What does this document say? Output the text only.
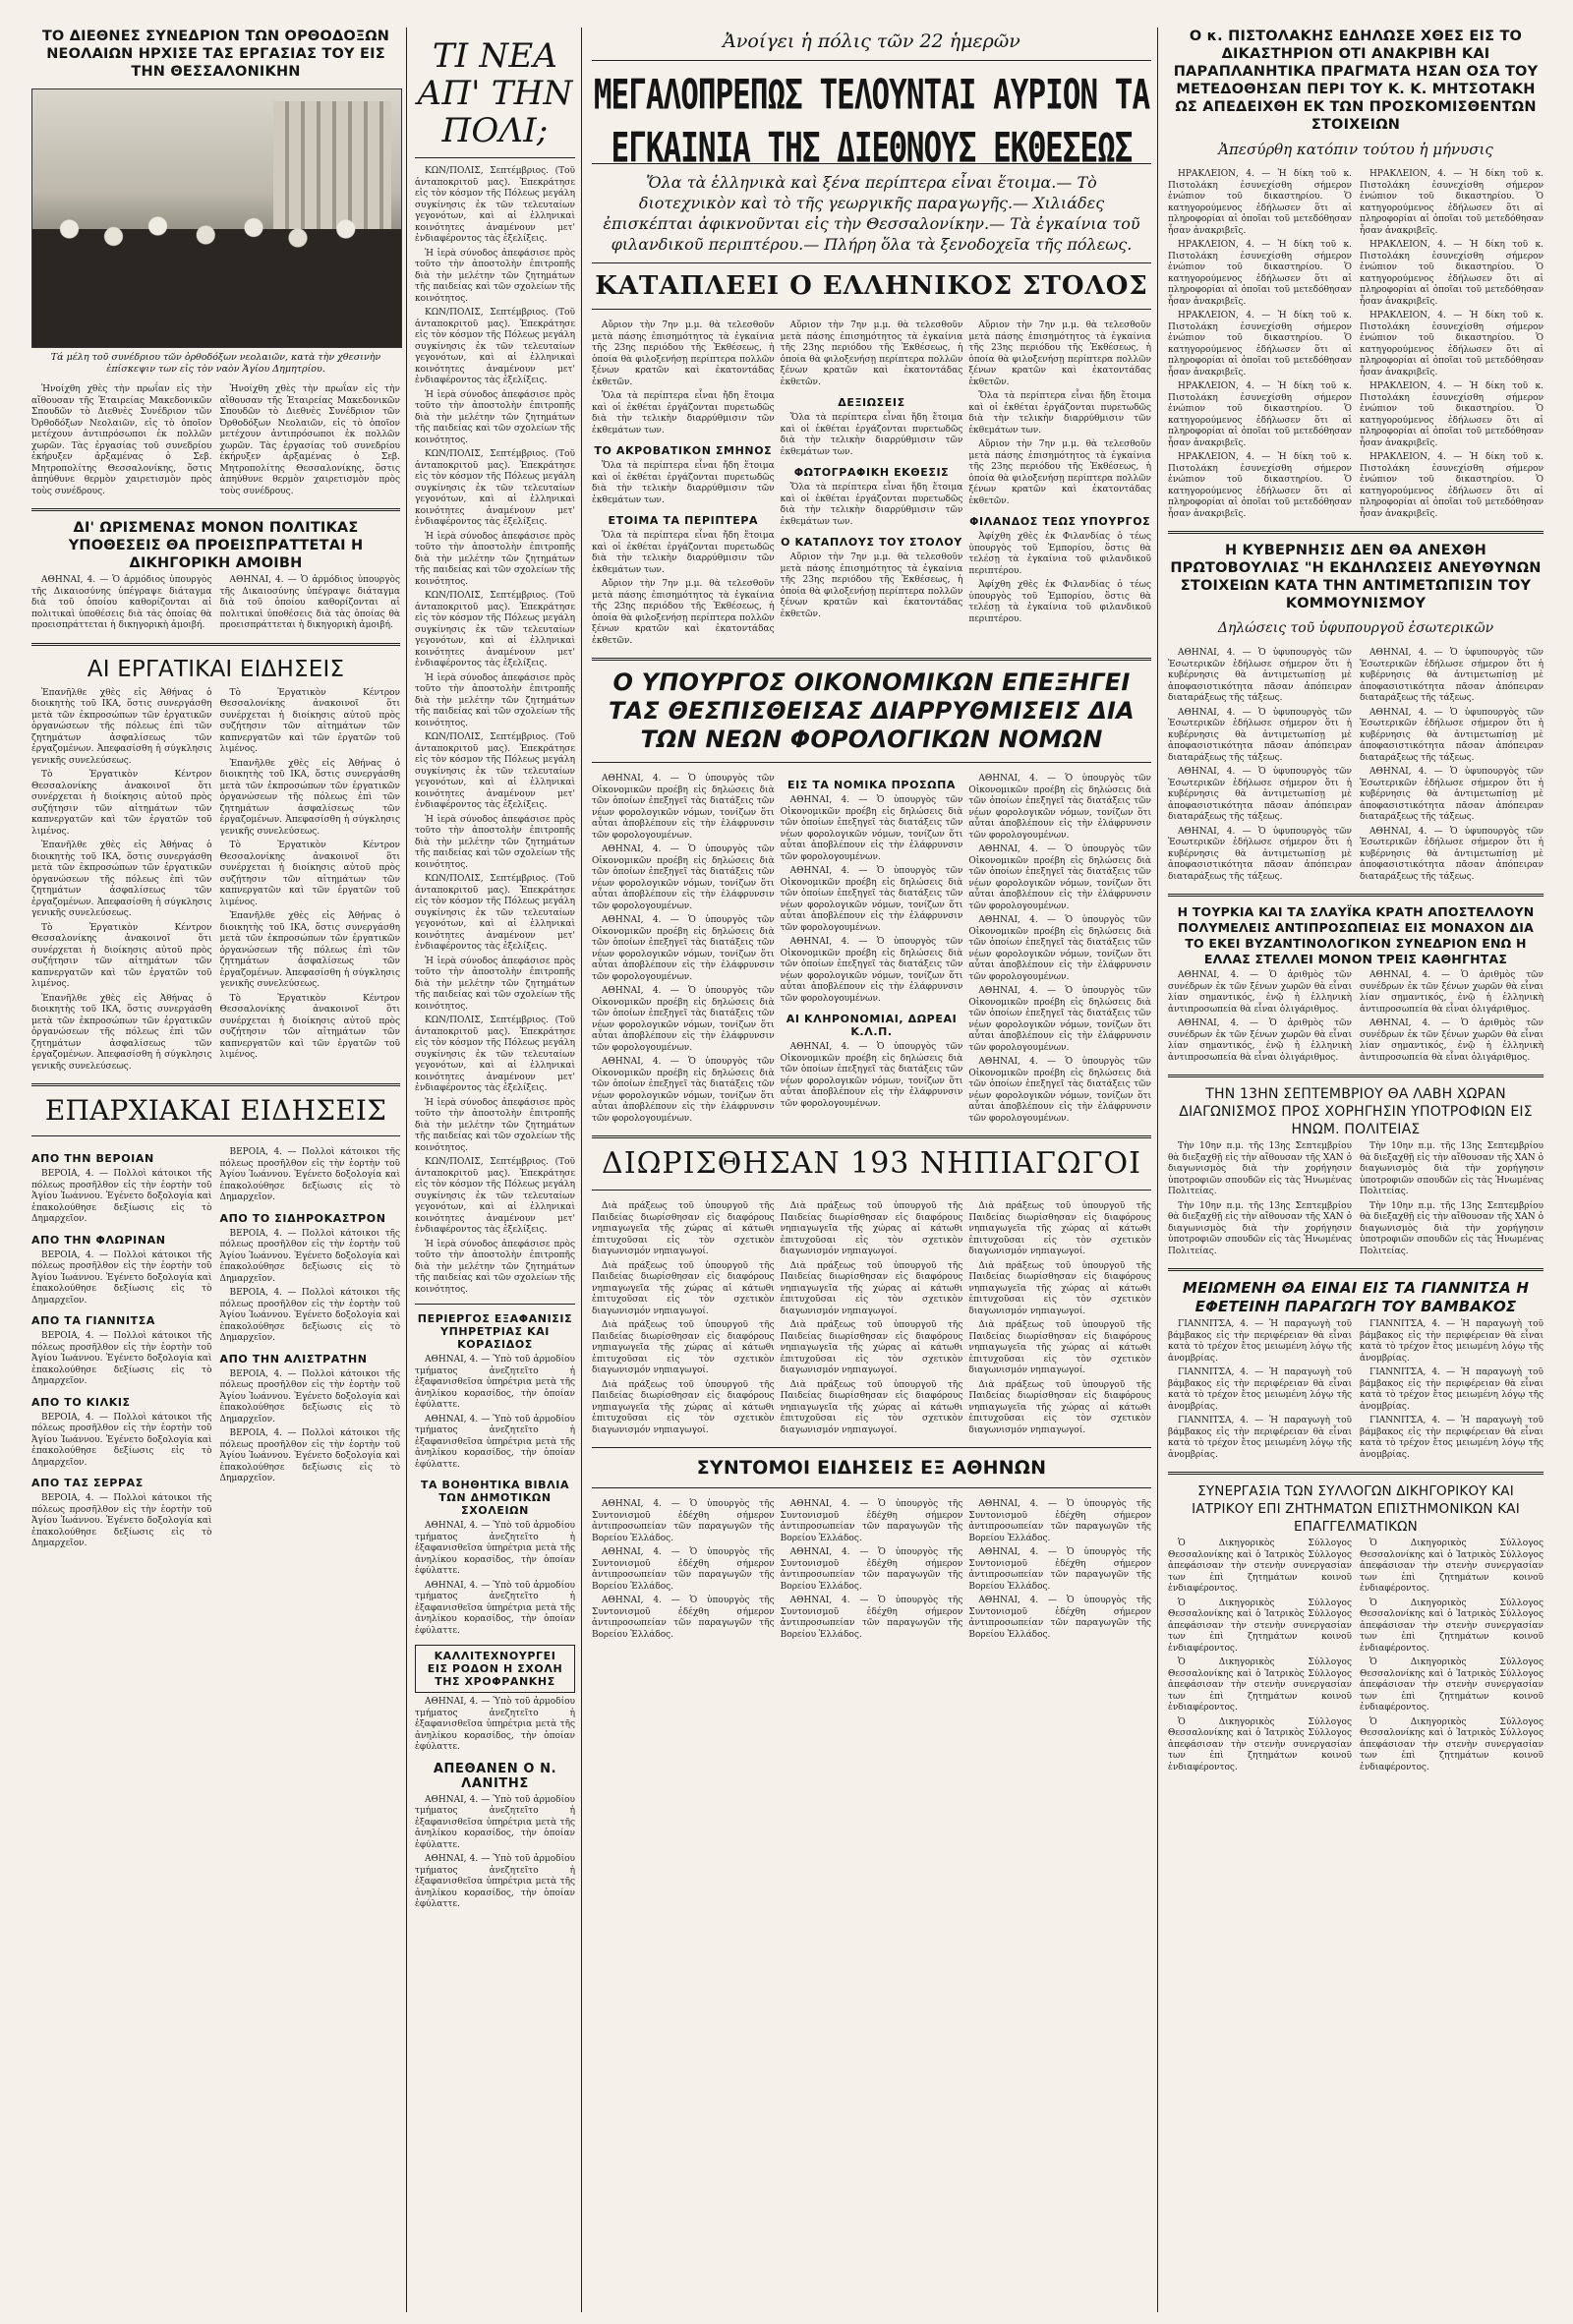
ΤΟ ΔΙΕΘΝΕΣ ΣΥΝΕΔΡΙΟΝ ΤΩΝ ΟΡΘΟΔΟΞΩΝ ΝΕΟΛΑΙΩΝ ΗΡΧΙΣΕ ΤΑΣ ΕΡΓΑΣΙΑΣ ΤΟΥ ΕΙΣ ΤΗΝ ΘΕΣΣΑΛΟΝΙΚΗΝ

Τά μέλη τοῦ συνέδριου τῶν ὀρθοδόξων νεολαιῶν, κατὰ τὴν χθεσινὴν ἐπίσκεψιν των εἰς τὸν ναὸν Ἁγίου Δημητρίου.

Ἠνοίχθη χθὲς τὴν πρωΐαν εἰς τὴν αἴθουσαν τῆς Ἑταιρείας Μακεδονικῶν Σπουδῶν τὸ Διεθνὲς Συνέδριον τῶν Ὀρθοδόξων Νεολαιῶν, εἰς τὸ ὁποῖον μετέχουν ἀντιπρόσωποι ἐκ πολλῶν χωρῶν. Τὰς ἐργασίας τοῦ συνεδρίου ἐκήρυξεν ἀρξαμένας ὁ Σεβ. Μητροπολίτης Θεσσαλονίκης, ὅστις ἀπηύθυνε θερμὸν χαιρετισμὸν πρὸς τοὺς συνέδρους.

Ἠνοίχθη χθὲς τὴν πρωΐαν εἰς τὴν αἴθουσαν τῆς Ἑταιρείας Μακεδονικῶν Σπουδῶν τὸ Διεθνὲς Συνέδριον τῶν Ὀρθοδόξων Νεολαιῶν, εἰς τὸ ὁποῖον μετέχουν ἀντιπρόσωποι ἐκ πολλῶν χωρῶν. Τὰς ἐργασίας τοῦ συνεδρίου ἐκήρυξεν ἀρξαμένας ὁ Σεβ. Μητροπολίτης Θεσσαλονίκης, ὅστις ἀπηύθυνε θερμὸν χαιρετισμὸν πρὸς τοὺς συνέδρους.

ΔΙ' ΩΡΙΣΜΕΝΑΣ ΜΟΝΟΝ ΠΟΛΙΤΙΚΑΣ ΥΠΟΘΕΣΕΙΣ ΘΑ ΠΡΟΕΙΣΠΡΑΤΤΕΤΑΙ Η ΔΙΚΗΓΟΡΙΚΗ ΑΜΟΙΒΗ

ΑΘΗΝΑΙ, 4. — Ὁ ἁρμόδιος ὑπουργὸς τῆς Δικαιοσύνης ὑπέγραψε διάταγμα διὰ τοῦ ὁποίου καθορίζονται αἱ πολιτικαὶ ὑποθέσεις διὰ τὰς ὁποίας θὰ προεισπράττεται ἡ δικηγορικὴ ἀμοιβή.

ΑΘΗΝΑΙ, 4. — Ὁ ἁρμόδιος ὑπουργὸς τῆς Δικαιοσύνης ὑπέγραψε διάταγμα διὰ τοῦ ὁποίου καθορίζονται αἱ πολιτικαὶ ὑποθέσεις διὰ τὰς ὁποίας θὰ προεισπράττεται ἡ δικηγορικὴ ἀμοιβή.

ΑΙ ΕΡΓΑΤΙΚΑΙ ΕΙΔΗΣΕΙΣ

Ἐπανῆλθε χθὲς εἰς Ἀθήνας ὁ διοικητὴς τοῦ ΙΚΑ, ὅστις συνεργάσθη μετὰ τῶν ἐκπροσώπων τῶν ἐργατικῶν ὀργανώσεων τῆς πόλεως ἐπὶ τῶν ζητημάτων ἀσφαλίσεως τῶν ἐργαζομένων. Ἀπεφασίσθη ἡ σύγκλησις γενικῆς συνελεύσεως.

Τὸ Ἐργατικὸν Κέντρον Θεσσαλονίκης ἀνακοινοῖ ὅτι συνέρχεται ἡ διοίκησις αὐτοῦ πρὸς συζήτησιν τῶν αἰτημάτων τῶν καπνεργατῶν καὶ τῶν ἐργατῶν τοῦ λιμένος.

Ἐπανῆλθε χθὲς εἰς Ἀθήνας ὁ διοικητὴς τοῦ ΙΚΑ, ὅστις συνεργάσθη μετὰ τῶν ἐκπροσώπων τῶν ἐργατικῶν ὀργανώσεων τῆς πόλεως ἐπὶ τῶν ζητημάτων ἀσφαλίσεως τῶν ἐργαζομένων. Ἀπεφασίσθη ἡ σύγκλησις γενικῆς συνελεύσεως.

Τὸ Ἐργατικὸν Κέντρον Θεσσαλονίκης ἀνακοινοῖ ὅτι συνέρχεται ἡ διοίκησις αὐτοῦ πρὸς συζήτησιν τῶν αἰτημάτων τῶν καπνεργατῶν καὶ τῶν ἐργατῶν τοῦ λιμένος.

Ἐπανῆλθε χθὲς εἰς Ἀθήνας ὁ διοικητὴς τοῦ ΙΚΑ, ὅστις συνεργάσθη μετὰ τῶν ἐκπροσώπων τῶν ἐργατικῶν ὀργανώσεων τῆς πόλεως ἐπὶ τῶν ζητημάτων ἀσφαλίσεως τῶν ἐργαζομένων. Ἀπεφασίσθη ἡ σύγκλησις γενικῆς συνελεύσεως.

Τὸ Ἐργατικὸν Κέντρον Θεσσαλονίκης ἀνακοινοῖ ὅτι συνέρχεται ἡ διοίκησις αὐτοῦ πρὸς συζήτησιν τῶν αἰτημάτων τῶν καπνεργατῶν καὶ τῶν ἐργατῶν τοῦ λιμένος.

Ἐπανῆλθε χθὲς εἰς Ἀθήνας ὁ διοικητὴς τοῦ ΙΚΑ, ὅστις συνεργάσθη μετὰ τῶν ἐκπροσώπων τῶν ἐργατικῶν ὀργανώσεων τῆς πόλεως ἐπὶ τῶν ζητημάτων ἀσφαλίσεως τῶν ἐργαζομένων. Ἀπεφασίσθη ἡ σύγκλησις γενικῆς συνελεύσεως.

Τὸ Ἐργατικὸν Κέντρον Θεσσαλονίκης ἀνακοινοῖ ὅτι συνέρχεται ἡ διοίκησις αὐτοῦ πρὸς συζήτησιν τῶν αἰτημάτων τῶν καπνεργατῶν καὶ τῶν ἐργατῶν τοῦ λιμένος.

Ἐπανῆλθε χθὲς εἰς Ἀθήνας ὁ διοικητὴς τοῦ ΙΚΑ, ὅστις συνεργάσθη μετὰ τῶν ἐκπροσώπων τῶν ἐργατικῶν ὀργανώσεων τῆς πόλεως ἐπὶ τῶν ζητημάτων ἀσφαλίσεως τῶν ἐργαζομένων. Ἀπεφασίσθη ἡ σύγκλησις γενικῆς συνελεύσεως.

Τὸ Ἐργατικὸν Κέντρον Θεσσαλονίκης ἀνακοινοῖ ὅτι συνέρχεται ἡ διοίκησις αὐτοῦ πρὸς συζήτησιν τῶν αἰτημάτων τῶν καπνεργατῶν καὶ τῶν ἐργατῶν τοῦ λιμένος.

ΕΠΑΡΧΙΑΚΑΙ ΕΙΔΗΣΕΙΣ
ΑΠΟ ΤΗΝ ΒΕΡΟΙΑΝ

ΒΕΡΟΙΑ, 4. — Πολλοὶ κάτοικοι τῆς πόλεως προσῆλθον εἰς τὴν ἑορτὴν τοῦ Ἁγίου Ἰωάννου. Ἐγένετο δοξολογία καὶ ἐπακολούθησε δεξίωσις εἰς τὸ Δημαρχεῖον.

ΑΠΟ ΤΗΝ ΦΛΩΡΙΝΑΝ

ΒΕΡΟΙΑ, 4. — Πολλοὶ κάτοικοι τῆς πόλεως προσῆλθον εἰς τὴν ἑορτὴν τοῦ Ἁγίου Ἰωάννου. Ἐγένετο δοξολογία καὶ ἐπακολούθησε δεξίωσις εἰς τὸ Δημαρχεῖον.

ΑΠΟ ΤΑ ΓΙΑΝΝΙΤΣΑ

ΒΕΡΟΙΑ, 4. — Πολλοὶ κάτοικοι τῆς πόλεως προσῆλθον εἰς τὴν ἑορτὴν τοῦ Ἁγίου Ἰωάννου. Ἐγένετο δοξολογία καὶ ἐπακολούθησε δεξίωσις εἰς τὸ Δημαρχεῖον.

ΑΠΟ ΤΟ ΚΙΛΚΙΣ

ΒΕΡΟΙΑ, 4. — Πολλοὶ κάτοικοι τῆς πόλεως προσῆλθον εἰς τὴν ἑορτὴν τοῦ Ἁγίου Ἰωάννου. Ἐγένετο δοξολογία καὶ ἐπακολούθησε δεξίωσις εἰς τὸ Δημαρχεῖον.

ΑΠΟ ΤΑΣ ΣΕΡΡΑΣ

ΒΕΡΟΙΑ, 4. — Πολλοὶ κάτοικοι τῆς πόλεως προσῆλθον εἰς τὴν ἑορτὴν τοῦ Ἁγίου Ἰωάννου. Ἐγένετο δοξολογία καὶ ἐπακολούθησε δεξίωσις εἰς τὸ Δημαρχεῖον.

ΒΕΡΟΙΑ, 4. — Πολλοὶ κάτοικοι τῆς πόλεως προσῆλθον εἰς τὴν ἑορτὴν τοῦ Ἁγίου Ἰωάννου. Ἐγένετο δοξολογία καὶ ἐπακολούθησε δεξίωσις εἰς τὸ Δημαρχεῖον.

ΑΠΟ ΤΟ ΣΙΔΗΡΟΚΑΣΤΡΟΝ

ΒΕΡΟΙΑ, 4. — Πολλοὶ κάτοικοι τῆς πόλεως προσῆλθον εἰς τὴν ἑορτὴν τοῦ Ἁγίου Ἰωάννου. Ἐγένετο δοξολογία καὶ ἐπακολούθησε δεξίωσις εἰς τὸ Δημαρχεῖον.

ΒΕΡΟΙΑ, 4. — Πολλοὶ κάτοικοι τῆς πόλεως προσῆλθον εἰς τὴν ἑορτὴν τοῦ Ἁγίου Ἰωάννου. Ἐγένετο δοξολογία καὶ ἐπακολούθησε δεξίωσις εἰς τὸ Δημαρχεῖον.

ΑΠΟ ΤΗΝ ΑΛΙΣΤΡΑΤΗΝ

ΒΕΡΟΙΑ, 4. — Πολλοὶ κάτοικοι τῆς πόλεως προσῆλθον εἰς τὴν ἑορτὴν τοῦ Ἁγίου Ἰωάννου. Ἐγένετο δοξολογία καὶ ἐπακολούθησε δεξίωσις εἰς τὸ Δημαρχεῖον.

ΒΕΡΟΙΑ, 4. — Πολλοὶ κάτοικοι τῆς πόλεως προσῆλθον εἰς τὴν ἑορτὴν τοῦ Ἁγίου Ἰωάννου. Ἐγένετο δοξολογία καὶ ἐπακολούθησε δεξίωσις εἰς τὸ Δημαρχεῖον.

ΤΙ ΝΕΑ ΑΠ' ΤΗΝ ΠΟΛΙ;

ΚΩΝ/ΠΟΛΙΣ, Σεπτέμβριος. (Τοῦ ἀνταποκριτοῦ μας). Ἐπεκράτησε εἰς τὸν κόσμον τῆς Πόλεως μεγάλη συγκίνησις ἐκ τῶν τελευταίων γεγονότων, καὶ αἱ ἑλληνικαὶ κοινότητες ἀναμένουν μετ' ἐνδιαφέροντος τὰς ἐξελίξεις.

Ἡ ἱερὰ σύνοδος ἀπεφάσισε πρὸς τοῦτο τὴν ἀποστολὴν ἐπιτροπῆς διὰ τὴν μελέτην τῶν ζητημάτων τῆς παιδείας καὶ τῶν σχολείων τῆς κοινότητος.

ΚΩΝ/ΠΟΛΙΣ, Σεπτέμβριος. (Τοῦ ἀνταποκριτοῦ μας). Ἐπεκράτησε εἰς τὸν κόσμον τῆς Πόλεως μεγάλη συγκίνησις ἐκ τῶν τελευταίων γεγονότων, καὶ αἱ ἑλληνικαὶ κοινότητες ἀναμένουν μετ' ἐνδιαφέροντος τὰς ἐξελίξεις.

Ἡ ἱερὰ σύνοδος ἀπεφάσισε πρὸς τοῦτο τὴν ἀποστολὴν ἐπιτροπῆς διὰ τὴν μελέτην τῶν ζητημάτων τῆς παιδείας καὶ τῶν σχολείων τῆς κοινότητος.

ΚΩΝ/ΠΟΛΙΣ, Σεπτέμβριος. (Τοῦ ἀνταποκριτοῦ μας). Ἐπεκράτησε εἰς τὸν κόσμον τῆς Πόλεως μεγάλη συγκίνησις ἐκ τῶν τελευταίων γεγονότων, καὶ αἱ ἑλληνικαὶ κοινότητες ἀναμένουν μετ' ἐνδιαφέροντος τὰς ἐξελίξεις.

Ἡ ἱερὰ σύνοδος ἀπεφάσισε πρὸς τοῦτο τὴν ἀποστολὴν ἐπιτροπῆς διὰ τὴν μελέτην τῶν ζητημάτων τῆς παιδείας καὶ τῶν σχολείων τῆς κοινότητος.

ΚΩΝ/ΠΟΛΙΣ, Σεπτέμβριος. (Τοῦ ἀνταποκριτοῦ μας). Ἐπεκράτησε εἰς τὸν κόσμον τῆς Πόλεως μεγάλη συγκίνησις ἐκ τῶν τελευταίων γεγονότων, καὶ αἱ ἑλληνικαὶ κοινότητες ἀναμένουν μετ' ἐνδιαφέροντος τὰς ἐξελίξεις.

Ἡ ἱερὰ σύνοδος ἀπεφάσισε πρὸς τοῦτο τὴν ἀποστολὴν ἐπιτροπῆς διὰ τὴν μελέτην τῶν ζητημάτων τῆς παιδείας καὶ τῶν σχολείων τῆς κοινότητος.

ΚΩΝ/ΠΟΛΙΣ, Σεπτέμβριος. (Τοῦ ἀνταποκριτοῦ μας). Ἐπεκράτησε εἰς τὸν κόσμον τῆς Πόλεως μεγάλη συγκίνησις ἐκ τῶν τελευταίων γεγονότων, καὶ αἱ ἑλληνικαὶ κοινότητες ἀναμένουν μετ' ἐνδιαφέροντος τὰς ἐξελίξεις.

Ἡ ἱερὰ σύνοδος ἀπεφάσισε πρὸς τοῦτο τὴν ἀποστολὴν ἐπιτροπῆς διὰ τὴν μελέτην τῶν ζητημάτων τῆς παιδείας καὶ τῶν σχολείων τῆς κοινότητος.

ΚΩΝ/ΠΟΛΙΣ, Σεπτέμβριος. (Τοῦ ἀνταποκριτοῦ μας). Ἐπεκράτησε εἰς τὸν κόσμον τῆς Πόλεως μεγάλη συγκίνησις ἐκ τῶν τελευταίων γεγονότων, καὶ αἱ ἑλληνικαὶ κοινότητες ἀναμένουν μετ' ἐνδιαφέροντος τὰς ἐξελίξεις.

Ἡ ἱερὰ σύνοδος ἀπεφάσισε πρὸς τοῦτο τὴν ἀποστολὴν ἐπιτροπῆς διὰ τὴν μελέτην τῶν ζητημάτων τῆς παιδείας καὶ τῶν σχολείων τῆς κοινότητος.

ΚΩΝ/ΠΟΛΙΣ, Σεπτέμβριος. (Τοῦ ἀνταποκριτοῦ μας). Ἐπεκράτησε εἰς τὸν κόσμον τῆς Πόλεως μεγάλη συγκίνησις ἐκ τῶν τελευταίων γεγονότων, καὶ αἱ ἑλληνικαὶ κοινότητες ἀναμένουν μετ' ἐνδιαφέροντος τὰς ἐξελίξεις.

Ἡ ἱερὰ σύνοδος ἀπεφάσισε πρὸς τοῦτο τὴν ἀποστολὴν ἐπιτροπῆς διὰ τὴν μελέτην τῶν ζητημάτων τῆς παιδείας καὶ τῶν σχολείων τῆς κοινότητος.

ΚΩΝ/ΠΟΛΙΣ, Σεπτέμβριος. (Τοῦ ἀνταποκριτοῦ μας). Ἐπεκράτησε εἰς τὸν κόσμον τῆς Πόλεως μεγάλη συγκίνησις ἐκ τῶν τελευταίων γεγονότων, καὶ αἱ ἑλληνικαὶ κοινότητες ἀναμένουν μετ' ἐνδιαφέροντος τὰς ἐξελίξεις.

Ἡ ἱερὰ σύνοδος ἀπεφάσισε πρὸς τοῦτο τὴν ἀποστολὴν ἐπιτροπῆς διὰ τὴν μελέτην τῶν ζητημάτων τῆς παιδείας καὶ τῶν σχολείων τῆς κοινότητος.

ΠΕΡΙΕΡΓΟΣ ΕΞΑΦΑΝΙΣΙΣ ΥΠΗΡΕΤΡΙΑΣ ΚΑΙ ΚΟΡΑΣΙΔΟΣ

ΑΘΗΝΑΙ, 4. — Ὑπὸ τοῦ ἀρμοδίου τμήματος ἀνεζητεῖτο ἡ ἐξαφανισθεῖσα ὑπηρέτρια μετὰ τῆς ἀνηλίκου κορασίδος, τὴν ὁποίαν ἐφύλαττε.

ΑΘΗΝΑΙ, 4. — Ὑπὸ τοῦ ἀρμοδίου τμήματος ἀνεζητεῖτο ἡ ἐξαφανισθεῖσα ὑπηρέτρια μετὰ τῆς ἀνηλίκου κορασίδος, τὴν ὁποίαν ἐφύλαττε.

ΤΑ ΒΟΗΘΗΤΙΚΑ ΒΙΒΛΙΑ ΤΩΝ ΔΗΜΟΤΙΚΩΝ ΣΧΟΛΕΙΩΝ

ΑΘΗΝΑΙ, 4. — Ὑπὸ τοῦ ἀρμοδίου τμήματος ἀνεζητεῖτο ἡ ἐξαφανισθεῖσα ὑπηρέτρια μετὰ τῆς ἀνηλίκου κορασίδος, τὴν ὁποίαν ἐφύλαττε.

ΑΘΗΝΑΙ, 4. — Ὑπὸ τοῦ ἀρμοδίου τμήματος ἀνεζητεῖτο ἡ ἐξαφανισθεῖσα ὑπηρέτρια μετὰ τῆς ἀνηλίκου κορασίδος, τὴν ὁποίαν ἐφύλαττε.

ΚΑΛΛΙΤΕΧΝΟΥΡΓΕΙ ΕΙΣ ΡΟΔΟΝ Η ΣΧΟΛΗ ΤΗΣ ΧΡΟΦΡΑΝΚΗΣ

ΑΘΗΝΑΙ, 4. — Ὑπὸ τοῦ ἀρμοδίου τμήματος ἀνεζητεῖτο ἡ ἐξαφανισθεῖσα ὑπηρέτρια μετὰ τῆς ἀνηλίκου κορασίδος, τὴν ὁποίαν ἐφύλαττε.

ΑΠΕΘΑΝΕΝ Ο Ν. ΛΑΝΙΤΗΣ

ΑΘΗΝΑΙ, 4. — Ὑπὸ τοῦ ἀρμοδίου τμήματος ἀνεζητεῖτο ἡ ἐξαφανισθεῖσα ὑπηρέτρια μετὰ τῆς ἀνηλίκου κορασίδος, τὴν ὁποίαν ἐφύλαττε.

ΑΘΗΝΑΙ, 4. — Ὑπὸ τοῦ ἀρμοδίου τμήματος ἀνεζητεῖτο ἡ ἐξαφανισθεῖσα ὑπηρέτρια μετὰ τῆς ἀνηλίκου κορασίδος, τὴν ὁποίαν ἐφύλαττε.

Ἀνοίγει ἡ πόλις τῶν 22 ἡμερῶν
ΜΕΓΑΛΟΠΡΕΠΩΣ ΤΕΛΟΥΝΤΑΙ ΑΥΡΙΟΝ ΤΑ ΕΓΚΑΙΝΙΑ ΤΗΣ ΔΙΕΘΝΟΥΣ ΕΚΘΕΣΕΩΣ

Ὅλα τὰ ἑλληνικὰ καὶ ξένα περίπτερα εἶναι ἕτοιμα.— Τὸ διοτεχνικὸν καὶ τὸ τῆς γεωργικῆς παραγωγῆς.— Χιλιάδες ἐπισκέπται ἀφικνοῦνται εἰς τὴν Θεσσαλονίκην.— Τὰ ἐγκαίνια τοῦ φιλανδικοῦ περιπτέρου.— Πλήρη ὅλα τὰ ξενοδοχεῖα τῆς πόλεως.

ΚΑΤΑΠΛΕΕΙ Ο ΕΛΛΗΝΙΚΟΣ ΣΤΟΛΟΣ

Αὔριον τὴν 7ην μ.μ. θὰ τελεσθοῦν μετὰ πάσης ἐπισημότητος τὰ ἐγκαίνια τῆς 23ης περιόδου τῆς Ἐκθέσεως, ἡ ὁποία θὰ φιλοξενήσῃ περίπτερα πολλῶν ξένων κρατῶν καὶ ἐκατοντάδας ἐκθετῶν.

Ὅλα τὰ περίπτερα εἶναι ἤδη ἕτοιμα καὶ οἱ ἐκθέται ἐργάζονται πυρετωδῶς διὰ τὴν τελικὴν διαρρύθμισιν τῶν ἐκθεμάτων των.

ΤΟ ΑΚΡΟΒΑΤΙΚΟΝ ΣΜΗΝΟΣ

Ὅλα τὰ περίπτερα εἶναι ἤδη ἕτοιμα καὶ οἱ ἐκθέται ἐργάζονται πυρετωδῶς διὰ τὴν τελικὴν διαρρύθμισιν τῶν ἐκθεμάτων των.

ΕΤΟΙΜΑ ΤΑ ΠΕΡΙΠΤΕΡΑ

Ὅλα τὰ περίπτερα εἶναι ἤδη ἕτοιμα καὶ οἱ ἐκθέται ἐργάζονται πυρετωδῶς διὰ τὴν τελικὴν διαρρύθμισιν τῶν ἐκθεμάτων των.

Αὔριον τὴν 7ην μ.μ. θὰ τελεσθοῦν μετὰ πάσης ἐπισημότητος τὰ ἐγκαίνια τῆς 23ης περιόδου τῆς Ἐκθέσεως, ἡ ὁποία θὰ φιλοξενήσῃ περίπτερα πολλῶν ξένων κρατῶν καὶ ἐκατοντάδας ἐκθετῶν.

Αὔριον τὴν 7ην μ.μ. θὰ τελεσθοῦν μετὰ πάσης ἐπισημότητος τὰ ἐγκαίνια τῆς 23ης περιόδου τῆς Ἐκθέσεως, ἡ ὁποία θὰ φιλοξενήσῃ περίπτερα πολλῶν ξένων κρατῶν καὶ ἐκατοντάδας ἐκθετῶν.

ΔΕΞΙΩΣΕΙΣ

Ὅλα τὰ περίπτερα εἶναι ἤδη ἕτοιμα καὶ οἱ ἐκθέται ἐργάζονται πυρετωδῶς διὰ τὴν τελικὴν διαρρύθμισιν τῶν ἐκθεμάτων των.

ΦΩΤΟΓΡΑΦΙΚΗ ΕΚΘΕΣΙΣ

Ὅλα τὰ περίπτερα εἶναι ἤδη ἕτοιμα καὶ οἱ ἐκθέται ἐργάζονται πυρετωδῶς διὰ τὴν τελικὴν διαρρύθμισιν τῶν ἐκθεμάτων των.

Ο ΚΑΤΑΠΛΟΥΣ ΤΟΥ ΣΤΟΛΟΥ

Αὔριον τὴν 7ην μ.μ. θὰ τελεσθοῦν μετὰ πάσης ἐπισημότητος τὰ ἐγκαίνια τῆς 23ης περιόδου τῆς Ἐκθέσεως, ἡ ὁποία θὰ φιλοξενήσῃ περίπτερα πολλῶν ξένων κρατῶν καὶ ἐκατοντάδας ἐκθετῶν.

Αὔριον τὴν 7ην μ.μ. θὰ τελεσθοῦν μετὰ πάσης ἐπισημότητος τὰ ἐγκαίνια τῆς 23ης περιόδου τῆς Ἐκθέσεως, ἡ ὁποία θὰ φιλοξενήσῃ περίπτερα πολλῶν ξένων κρατῶν καὶ ἐκατοντάδας ἐκθετῶν.

Ὅλα τὰ περίπτερα εἶναι ἤδη ἕτοιμα καὶ οἱ ἐκθέται ἐργάζονται πυρετωδῶς διὰ τὴν τελικὴν διαρρύθμισιν τῶν ἐκθεμάτων των.

Αὔριον τὴν 7ην μ.μ. θὰ τελεσθοῦν μετὰ πάσης ἐπισημότητος τὰ ἐγκαίνια τῆς 23ης περιόδου τῆς Ἐκθέσεως, ἡ ὁποία θὰ φιλοξενήσῃ περίπτερα πολλῶν ξένων κρατῶν καὶ ἐκατοντάδας ἐκθετῶν.

ΦΙΛΑΝΔΟΣ ΤΕΩΣ ΥΠΟΥΡΓΟΣ

Ἀφίχθη χθὲς ἐκ Φιλανδίας ὁ τέως ὑπουργὸς τοῦ Ἐμπορίου, ὅστις θὰ τελέσῃ τὰ ἐγκαίνια τοῦ φιλανδικοῦ περιπτέρου.

Ἀφίχθη χθὲς ἐκ Φιλανδίας ὁ τέως ὑπουργὸς τοῦ Ἐμπορίου, ὅστις θὰ τελέσῃ τὰ ἐγκαίνια τοῦ φιλανδικοῦ περιπτέρου.

Ο ΥΠΟΥΡΓΟΣ ΟΙΚΟΝΟΜΙΚΩΝ ΕΠΕΞΗΓΕΙ ΤΑΣ ΘΕΣΠΙΣΘΕΙΣΑΣ ΔΙΑΡΡΥΘΜΙΣΕΙΣ ΔΙΑ ΤΩΝ ΝΕΩΝ ΦΟΡΟΛΟΓΙΚΩΝ ΝΟΜΩΝ

ΑΘΗΝΑΙ, 4. — Ὁ ὑπουργὸς τῶν Οἰκονομικῶν προέβη εἰς δηλώσεις διὰ τῶν ὁποίων ἐπεξηγεῖ τὰς διατάξεις τῶν νέων φορολογικῶν νόμων, τονίζων ὅτι αὗται ἀποβλέπουν εἰς τὴν ἐλάφρυνσιν τῶν φορολογουμένων.

ΑΘΗΝΑΙ, 4. — Ὁ ὑπουργὸς τῶν Οἰκονομικῶν προέβη εἰς δηλώσεις διὰ τῶν ὁποίων ἐπεξηγεῖ τὰς διατάξεις τῶν νέων φορολογικῶν νόμων, τονίζων ὅτι αὗται ἀποβλέπουν εἰς τὴν ἐλάφρυνσιν τῶν φορολογουμένων.

ΑΘΗΝΑΙ, 4. — Ὁ ὑπουργὸς τῶν Οἰκονομικῶν προέβη εἰς δηλώσεις διὰ τῶν ὁποίων ἐπεξηγεῖ τὰς διατάξεις τῶν νέων φορολογικῶν νόμων, τονίζων ὅτι αὗται ἀποβλέπουν εἰς τὴν ἐλάφρυνσιν τῶν φορολογουμένων.

ΑΘΗΝΑΙ, 4. — Ὁ ὑπουργὸς τῶν Οἰκονομικῶν προέβη εἰς δηλώσεις διὰ τῶν ὁποίων ἐπεξηγεῖ τὰς διατάξεις τῶν νέων φορολογικῶν νόμων, τονίζων ὅτι αὗται ἀποβλέπουν εἰς τὴν ἐλάφρυνσιν τῶν φορολογουμένων.

ΑΘΗΝΑΙ, 4. — Ὁ ὑπουργὸς τῶν Οἰκονομικῶν προέβη εἰς δηλώσεις διὰ τῶν ὁποίων ἐπεξηγεῖ τὰς διατάξεις τῶν νέων φορολογικῶν νόμων, τονίζων ὅτι αὗται ἀποβλέπουν εἰς τὴν ἐλάφρυνσιν τῶν φορολογουμένων.

ΕΙΣ ΤΑ ΝΟΜΙΚΑ ΠΡΟΣΩΠΑ

ΑΘΗΝΑΙ, 4. — Ὁ ὑπουργὸς τῶν Οἰκονομικῶν προέβη εἰς δηλώσεις διὰ τῶν ὁποίων ἐπεξηγεῖ τὰς διατάξεις τῶν νέων φορολογικῶν νόμων, τονίζων ὅτι αὗται ἀποβλέπουν εἰς τὴν ἐλάφρυνσιν τῶν φορολογουμένων.

ΑΘΗΝΑΙ, 4. — Ὁ ὑπουργὸς τῶν Οἰκονομικῶν προέβη εἰς δηλώσεις διὰ τῶν ὁποίων ἐπεξηγεῖ τὰς διατάξεις τῶν νέων φορολογικῶν νόμων, τονίζων ὅτι αὗται ἀποβλέπουν εἰς τὴν ἐλάφρυνσιν τῶν φορολογουμένων.

ΑΘΗΝΑΙ, 4. — Ὁ ὑπουργὸς τῶν Οἰκονομικῶν προέβη εἰς δηλώσεις διὰ τῶν ὁποίων ἐπεξηγεῖ τὰς διατάξεις τῶν νέων φορολογικῶν νόμων, τονίζων ὅτι αὗται ἀποβλέπουν εἰς τὴν ἐλάφρυνσιν τῶν φορολογουμένων.

ΑΙ ΚΛΗΡΟΝΟΜΙΑΙ, ΔΩΡΕΑΙ Κ.Λ.Π.

ΑΘΗΝΑΙ, 4. — Ὁ ὑπουργὸς τῶν Οἰκονομικῶν προέβη εἰς δηλώσεις διὰ τῶν ὁποίων ἐπεξηγεῖ τὰς διατάξεις τῶν νέων φορολογικῶν νόμων, τονίζων ὅτι αὗται ἀποβλέπουν εἰς τὴν ἐλάφρυνσιν τῶν φορολογουμένων.

ΑΘΗΝΑΙ, 4. — Ὁ ὑπουργὸς τῶν Οἰκονομικῶν προέβη εἰς δηλώσεις διὰ τῶν ὁποίων ἐπεξηγεῖ τὰς διατάξεις τῶν νέων φορολογικῶν νόμων, τονίζων ὅτι αὗται ἀποβλέπουν εἰς τὴν ἐλάφρυνσιν τῶν φορολογουμένων.

ΑΘΗΝΑΙ, 4. — Ὁ ὑπουργὸς τῶν Οἰκονομικῶν προέβη εἰς δηλώσεις διὰ τῶν ὁποίων ἐπεξηγεῖ τὰς διατάξεις τῶν νέων φορολογικῶν νόμων, τονίζων ὅτι αὗται ἀποβλέπουν εἰς τὴν ἐλάφρυνσιν τῶν φορολογουμένων.

ΑΘΗΝΑΙ, 4. — Ὁ ὑπουργὸς τῶν Οἰκονομικῶν προέβη εἰς δηλώσεις διὰ τῶν ὁποίων ἐπεξηγεῖ τὰς διατάξεις τῶν νέων φορολογικῶν νόμων, τονίζων ὅτι αὗται ἀποβλέπουν εἰς τὴν ἐλάφρυνσιν τῶν φορολογουμένων.

ΑΘΗΝΑΙ, 4. — Ὁ ὑπουργὸς τῶν Οἰκονομικῶν προέβη εἰς δηλώσεις διὰ τῶν ὁποίων ἐπεξηγεῖ τὰς διατάξεις τῶν νέων φορολογικῶν νόμων, τονίζων ὅτι αὗται ἀποβλέπουν εἰς τὴν ἐλάφρυνσιν τῶν φορολογουμένων.

ΑΘΗΝΑΙ, 4. — Ὁ ὑπουργὸς τῶν Οἰκονομικῶν προέβη εἰς δηλώσεις διὰ τῶν ὁποίων ἐπεξηγεῖ τὰς διατάξεις τῶν νέων φορολογικῶν νόμων, τονίζων ὅτι αὗται ἀποβλέπουν εἰς τὴν ἐλάφρυνσιν τῶν φορολογουμένων.

ΔΙΩΡΙΣΘΗΣΑΝ 193 ΝΗΠΙΑΓΩΓΟΙ

Διὰ πράξεως τοῦ ὑπουργοῦ τῆς Παιδείας διωρίσθησαν εἰς διαφόρους νηπιαγωγεῖα τῆς χώρας αἱ κάτωθι ἐπιτυχοῦσαι εἰς τὸν σχετικὸν διαγωνισμόν νηπιαγωγοί.

Διὰ πράξεως τοῦ ὑπουργοῦ τῆς Παιδείας διωρίσθησαν εἰς διαφόρους νηπιαγωγεῖα τῆς χώρας αἱ κάτωθι ἐπιτυχοῦσαι εἰς τὸν σχετικὸν διαγωνισμόν νηπιαγωγοί.

Διὰ πράξεως τοῦ ὑπουργοῦ τῆς Παιδείας διωρίσθησαν εἰς διαφόρους νηπιαγωγεῖα τῆς χώρας αἱ κάτωθι ἐπιτυχοῦσαι εἰς τὸν σχετικὸν διαγωνισμόν νηπιαγωγοί.

Διὰ πράξεως τοῦ ὑπουργοῦ τῆς Παιδείας διωρίσθησαν εἰς διαφόρους νηπιαγωγεῖα τῆς χώρας αἱ κάτωθι ἐπιτυχοῦσαι εἰς τὸν σχετικὸν διαγωνισμόν νηπιαγωγοί.

Διὰ πράξεως τοῦ ὑπουργοῦ τῆς Παιδείας διωρίσθησαν εἰς διαφόρους νηπιαγωγεῖα τῆς χώρας αἱ κάτωθι ἐπιτυχοῦσαι εἰς τὸν σχετικὸν διαγωνισμόν νηπιαγωγοί.

Διὰ πράξεως τοῦ ὑπουργοῦ τῆς Παιδείας διωρίσθησαν εἰς διαφόρους νηπιαγωγεῖα τῆς χώρας αἱ κάτωθι ἐπιτυχοῦσαι εἰς τὸν σχετικὸν διαγωνισμόν νηπιαγωγοί.

Διὰ πράξεως τοῦ ὑπουργοῦ τῆς Παιδείας διωρίσθησαν εἰς διαφόρους νηπιαγωγεῖα τῆς χώρας αἱ κάτωθι ἐπιτυχοῦσαι εἰς τὸν σχετικὸν διαγωνισμόν νηπιαγωγοί.

Διὰ πράξεως τοῦ ὑπουργοῦ τῆς Παιδείας διωρίσθησαν εἰς διαφόρους νηπιαγωγεῖα τῆς χώρας αἱ κάτωθι ἐπιτυχοῦσαι εἰς τὸν σχετικὸν διαγωνισμόν νηπιαγωγοί.

Διὰ πράξεως τοῦ ὑπουργοῦ τῆς Παιδείας διωρίσθησαν εἰς διαφόρους νηπιαγωγεῖα τῆς χώρας αἱ κάτωθι ἐπιτυχοῦσαι εἰς τὸν σχετικὸν διαγωνισμόν νηπιαγωγοί.

Διὰ πράξεως τοῦ ὑπουργοῦ τῆς Παιδείας διωρίσθησαν εἰς διαφόρους νηπιαγωγεῖα τῆς χώρας αἱ κάτωθι ἐπιτυχοῦσαι εἰς τὸν σχετικὸν διαγωνισμόν νηπιαγωγοί.

Διὰ πράξεως τοῦ ὑπουργοῦ τῆς Παιδείας διωρίσθησαν εἰς διαφόρους νηπιαγωγεῖα τῆς χώρας αἱ κάτωθι ἐπιτυχοῦσαι εἰς τὸν σχετικὸν διαγωνισμόν νηπιαγωγοί.

Διὰ πράξεως τοῦ ὑπουργοῦ τῆς Παιδείας διωρίσθησαν εἰς διαφόρους νηπιαγωγεῖα τῆς χώρας αἱ κάτωθι ἐπιτυχοῦσαι εἰς τὸν σχετικὸν διαγωνισμόν νηπιαγωγοί.

ΣΥΝΤΟΜΟΙ ΕΙΔΗΣΕΙΣ ΕΞ ΑΘΗΝΩΝ

ΑΘΗΝΑΙ, 4. — Ὁ ὑπουργὸς τῆς Συντονισμοῦ ἐδέχθη σήμερον ἀντιπροσωπείαν τῶν παραγωγῶν τῆς Βορείου Ἑλλάδος.

ΑΘΗΝΑΙ, 4. — Ὁ ὑπουργὸς τῆς Συντονισμοῦ ἐδέχθη σήμερον ἀντιπροσωπείαν τῶν παραγωγῶν τῆς Βορείου Ἑλλάδος.

ΑΘΗΝΑΙ, 4. — Ὁ ὑπουργὸς τῆς Συντονισμοῦ ἐδέχθη σήμερον ἀντιπροσωπείαν τῶν παραγωγῶν τῆς Βορείου Ἑλλάδος.

ΑΘΗΝΑΙ, 4. — Ὁ ὑπουργὸς τῆς Συντονισμοῦ ἐδέχθη σήμερον ἀντιπροσωπείαν τῶν παραγωγῶν τῆς Βορείου Ἑλλάδος.

ΑΘΗΝΑΙ, 4. — Ὁ ὑπουργὸς τῆς Συντονισμοῦ ἐδέχθη σήμερον ἀντιπροσωπείαν τῶν παραγωγῶν τῆς Βορείου Ἑλλάδος.

ΑΘΗΝΑΙ, 4. — Ὁ ὑπουργὸς τῆς Συντονισμοῦ ἐδέχθη σήμερον ἀντιπροσωπείαν τῶν παραγωγῶν τῆς Βορείου Ἑλλάδος.

ΑΘΗΝΑΙ, 4. — Ὁ ὑπουργὸς τῆς Συντονισμοῦ ἐδέχθη σήμερον ἀντιπροσωπείαν τῶν παραγωγῶν τῆς Βορείου Ἑλλάδος.

ΑΘΗΝΑΙ, 4. — Ὁ ὑπουργὸς τῆς Συντονισμοῦ ἐδέχθη σήμερον ἀντιπροσωπείαν τῶν παραγωγῶν τῆς Βορείου Ἑλλάδος.

ΑΘΗΝΑΙ, 4. — Ὁ ὑπουργὸς τῆς Συντονισμοῦ ἐδέχθη σήμερον ἀντιπροσωπείαν τῶν παραγωγῶν τῆς Βορείου Ἑλλάδος.

Ο κ. ΠΙΣΤΟΛΑΚΗΣ ΕΔΗΛΩΣΕ ΧΘΕΣ ΕΙΣ ΤΟ ΔΙΚΑΣΤΗΡΙΟΝ ΟΤΙ ΑΝΑΚΡΙΒΗ ΚΑΙ ΠΑΡΑΠΛΑΝΗΤΙΚΑ ΠΡΑΓΜΑΤΑ ΗΣΑΝ ΟΣΑ ΤΟΥ ΜΕΤΕΔΟΘΗΣΑΝ ΠΕΡΙ ΤΟΥ Κ. Κ. ΜΗΤΣΟΤΑΚΗ ΩΣ ΑΠΕΔΕΙΧΘΗ ΕΚ ΤΩΝ ΠΡΟΣΚΟΜΙΣΘΕΝΤΩΝ ΣΤΟΙΧΕΙΩΝ
Ἀπεσύρθη κατόπιν τούτου ἡ μήνυσις

ΗΡΑΚΛΕΙΟΝ, 4. — Ἡ δίκη τοῦ κ. Πιστολάκη ἐσυνεχίσθη σήμερον ἐνώπιον τοῦ δικαστηρίου. Ὁ κατηγορούμενος ἐδήλωσεν ὅτι αἱ πληροφορίαι αἱ ὁποῖαι τοῦ μετεδόθησαν ἦσαν ἀνακριβεῖς.

ΗΡΑΚΛΕΙΟΝ, 4. — Ἡ δίκη τοῦ κ. Πιστολάκη ἐσυνεχίσθη σήμερον ἐνώπιον τοῦ δικαστηρίου. Ὁ κατηγορούμενος ἐδήλωσεν ὅτι αἱ πληροφορίαι αἱ ὁποῖαι τοῦ μετεδόθησαν ἦσαν ἀνακριβεῖς.

ΗΡΑΚΛΕΙΟΝ, 4. — Ἡ δίκη τοῦ κ. Πιστολάκη ἐσυνεχίσθη σήμερον ἐνώπιον τοῦ δικαστηρίου. Ὁ κατηγορούμενος ἐδήλωσεν ὅτι αἱ πληροφορίαι αἱ ὁποῖαι τοῦ μετεδόθησαν ἦσαν ἀνακριβεῖς.

ΗΡΑΚΛΕΙΟΝ, 4. — Ἡ δίκη τοῦ κ. Πιστολάκη ἐσυνεχίσθη σήμερον ἐνώπιον τοῦ δικαστηρίου. Ὁ κατηγορούμενος ἐδήλωσεν ὅτι αἱ πληροφορίαι αἱ ὁποῖαι τοῦ μετεδόθησαν ἦσαν ἀνακριβεῖς.

ΗΡΑΚΛΕΙΟΝ, 4. — Ἡ δίκη τοῦ κ. Πιστολάκη ἐσυνεχίσθη σήμερον ἐνώπιον τοῦ δικαστηρίου. Ὁ κατηγορούμενος ἐδήλωσεν ὅτι αἱ πληροφορίαι αἱ ὁποῖαι τοῦ μετεδόθησαν ἦσαν ἀνακριβεῖς.

ΗΡΑΚΛΕΙΟΝ, 4. — Ἡ δίκη τοῦ κ. Πιστολάκη ἐσυνεχίσθη σήμερον ἐνώπιον τοῦ δικαστηρίου. Ὁ κατηγορούμενος ἐδήλωσεν ὅτι αἱ πληροφορίαι αἱ ὁποῖαι τοῦ μετεδόθησαν ἦσαν ἀνακριβεῖς.

ΗΡΑΚΛΕΙΟΝ, 4. — Ἡ δίκη τοῦ κ. Πιστολάκη ἐσυνεχίσθη σήμερον ἐνώπιον τοῦ δικαστηρίου. Ὁ κατηγορούμενος ἐδήλωσεν ὅτι αἱ πληροφορίαι αἱ ὁποῖαι τοῦ μετεδόθησαν ἦσαν ἀνακριβεῖς.

ΗΡΑΚΛΕΙΟΝ, 4. — Ἡ δίκη τοῦ κ. Πιστολάκη ἐσυνεχίσθη σήμερον ἐνώπιον τοῦ δικαστηρίου. Ὁ κατηγορούμενος ἐδήλωσεν ὅτι αἱ πληροφορίαι αἱ ὁποῖαι τοῦ μετεδόθησαν ἦσαν ἀνακριβεῖς.

ΗΡΑΚΛΕΙΟΝ, 4. — Ἡ δίκη τοῦ κ. Πιστολάκη ἐσυνεχίσθη σήμερον ἐνώπιον τοῦ δικαστηρίου. Ὁ κατηγορούμενος ἐδήλωσεν ὅτι αἱ πληροφορίαι αἱ ὁποῖαι τοῦ μετεδόθησαν ἦσαν ἀνακριβεῖς.

ΗΡΑΚΛΕΙΟΝ, 4. — Ἡ δίκη τοῦ κ. Πιστολάκη ἐσυνεχίσθη σήμερον ἐνώπιον τοῦ δικαστηρίου. Ὁ κατηγορούμενος ἐδήλωσεν ὅτι αἱ πληροφορίαι αἱ ὁποῖαι τοῦ μετεδόθησαν ἦσαν ἀνακριβεῖς.

Η ΚΥΒΕΡΝΗΣΙΣ ΔΕΝ ΘΑ ΑΝΕΧΘΗ ΠΡΩΤΟΒΟΥΛΙΑΣ "Η ΕΚΔΗΛΩΣΕΙΣ ΑΝΕΥΘΥΝΩΝ ΣΤΟΙΧΕΙΩΝ ΚΑΤΑ ΤΗΝ ΑΝΤΙΜΕΤΩΠΙΣΙΝ ΤΟΥ ΚΟΜΜΟΥΝΙΣΜΟΥ
Δηλώσεις τοῦ ὑφυπουργοῦ ἐσωτερικῶν

ΑΘΗΝΑΙ, 4. — Ὁ ὑφυπουργὸς τῶν Ἐσωτερικῶν ἐδήλωσε σήμερον ὅτι ἡ κυβέρνησις θὰ ἀντιμετωπίσῃ μὲ ἀποφασιστικότητα πᾶσαν ἀπόπειραν διαταράξεως τῆς τάξεως.

ΑΘΗΝΑΙ, 4. — Ὁ ὑφυπουργὸς τῶν Ἐσωτερικῶν ἐδήλωσε σήμερον ὅτι ἡ κυβέρνησις θὰ ἀντιμετωπίσῃ μὲ ἀποφασιστικότητα πᾶσαν ἀπόπειραν διαταράξεως τῆς τάξεως.

ΑΘΗΝΑΙ, 4. — Ὁ ὑφυπουργὸς τῶν Ἐσωτερικῶν ἐδήλωσε σήμερον ὅτι ἡ κυβέρνησις θὰ ἀντιμετωπίσῃ μὲ ἀποφασιστικότητα πᾶσαν ἀπόπειραν διαταράξεως τῆς τάξεως.

ΑΘΗΝΑΙ, 4. — Ὁ ὑφυπουργὸς τῶν Ἐσωτερικῶν ἐδήλωσε σήμερον ὅτι ἡ κυβέρνησις θὰ ἀντιμετωπίσῃ μὲ ἀποφασιστικότητα πᾶσαν ἀπόπειραν διαταράξεως τῆς τάξεως.

ΑΘΗΝΑΙ, 4. — Ὁ ὑφυπουργὸς τῶν Ἐσωτερικῶν ἐδήλωσε σήμερον ὅτι ἡ κυβέρνησις θὰ ἀντιμετωπίσῃ μὲ ἀποφασιστικότητα πᾶσαν ἀπόπειραν διαταράξεως τῆς τάξεως.

ΑΘΗΝΑΙ, 4. — Ὁ ὑφυπουργὸς τῶν Ἐσωτερικῶν ἐδήλωσε σήμερον ὅτι ἡ κυβέρνησις θὰ ἀντιμετωπίσῃ μὲ ἀποφασιστικότητα πᾶσαν ἀπόπειραν διαταράξεως τῆς τάξεως.

ΑΘΗΝΑΙ, 4. — Ὁ ὑφυπουργὸς τῶν Ἐσωτερικῶν ἐδήλωσε σήμερον ὅτι ἡ κυβέρνησις θὰ ἀντιμετωπίσῃ μὲ ἀποφασιστικότητα πᾶσαν ἀπόπειραν διαταράξεως τῆς τάξεως.

ΑΘΗΝΑΙ, 4. — Ὁ ὑφυπουργὸς τῶν Ἐσωτερικῶν ἐδήλωσε σήμερον ὅτι ἡ κυβέρνησις θὰ ἀντιμετωπίσῃ μὲ ἀποφασιστικότητα πᾶσαν ἀπόπειραν διαταράξεως τῆς τάξεως.

Η ΤΟΥΡΚΙΑ ΚΑΙ ΤΑ ΣΛΑΥΪΚΑ ΚΡΑΤΗ ΑΠΟΣΤΕΛΛΟΥΝ ΠΟΛΥΜΕΛΕΙΣ ΑΝΤΙΠΡΟΣΩΠΕΙΑΣ ΕΙΣ ΜΟΝΑΧΟΝ ΔΙΑ ΤΟ ΕΚΕΙ ΒΥΖΑΝΤΙΝΟΛΟΓΙΚΟΝ ΣΥΝΕΔΡΙΟΝ ΕΝΩ Η ΕΛΛΑΣ ΣΤΕΛΛΕΙ ΜΟΝΟΝ ΤΡΕΙΣ ΚΑΘΗΓΗΤΑΣ

ΑΘΗΝΑΙ, 4. — Ὁ ἀριθμὸς τῶν συνέδρων ἐκ τῶν ξένων χωρῶν θὰ εἶναι λίαν σημαντικός, ἐνῷ ἡ ἑλληνικὴ ἀντιπροσωπεία θὰ εἶναι ὀλιγάριθμος.

ΑΘΗΝΑΙ, 4. — Ὁ ἀριθμὸς τῶν συνέδρων ἐκ τῶν ξένων χωρῶν θὰ εἶναι λίαν σημαντικός, ἐνῷ ἡ ἑλληνικὴ ἀντιπροσωπεία θὰ εἶναι ὀλιγάριθμος.

ΑΘΗΝΑΙ, 4. — Ὁ ἀριθμὸς τῶν συνέδρων ἐκ τῶν ξένων χωρῶν θὰ εἶναι λίαν σημαντικός, ἐνῷ ἡ ἑλληνικὴ ἀντιπροσωπεία θὰ εἶναι ὀλιγάριθμος.

ΑΘΗΝΑΙ, 4. — Ὁ ἀριθμὸς τῶν συνέδρων ἐκ τῶν ξένων χωρῶν θὰ εἶναι λίαν σημαντικός, ἐνῷ ἡ ἑλληνικὴ ἀντιπροσωπεία θὰ εἶναι ὀλιγάριθμος.

ΤΗΝ 13ΗΝ ΣΕΠΤΕΜΒΡΙΟΥ ΘΑ ΛΑΒΗ ΧΩΡΑΝ ΔΙΑΓΩΝΙΣΜΟΣ ΠΡΟΣ ΧΟΡΗΓΗΣΙΝ ΥΠΟΤΡΟΦΙΩΝ ΕΙΣ ΗΝΩΜ. ΠΟΛΙΤΕΙΑΣ

Τὴν 10ην π.μ. τῆς 13ης Σεπτεμβρίου θὰ διεξαχθῇ εἰς τὴν αἴθουσαν τῆς ΧΑΝ ὁ διαγωνισμὸς διὰ τὴν χορήγησιν ὑποτροφιῶν σπουδῶν εἰς τὰς Ἡνωμένας Πολιτείας.

Τὴν 10ην π.μ. τῆς 13ης Σεπτεμβρίου θὰ διεξαχθῇ εἰς τὴν αἴθουσαν τῆς ΧΑΝ ὁ διαγωνισμὸς διὰ τὴν χορήγησιν ὑποτροφιῶν σπουδῶν εἰς τὰς Ἡνωμένας Πολιτείας.

Τὴν 10ην π.μ. τῆς 13ης Σεπτεμβρίου θὰ διεξαχθῇ εἰς τὴν αἴθουσαν τῆς ΧΑΝ ὁ διαγωνισμὸς διὰ τὴν χορήγησιν ὑποτροφιῶν σπουδῶν εἰς τὰς Ἡνωμένας Πολιτείας.

Τὴν 10ην π.μ. τῆς 13ης Σεπτεμβρίου θὰ διεξαχθῇ εἰς τὴν αἴθουσαν τῆς ΧΑΝ ὁ διαγωνισμὸς διὰ τὴν χορήγησιν ὑποτροφιῶν σπουδῶν εἰς τὰς Ἡνωμένας Πολιτείας.

ΜΕΙΩΜΕΝΗ ΘΑ ΕΙΝΑΙ ΕΙΣ ΤΑ ΓΙΑΝΝΙΤΣΑ Η ΕΦΕΤΕΙΝΗ ΠΑΡΑΓΩΓΗ ΤΟΥ ΒΑΜΒΑΚΟΣ

ΓΙΑΝΝΙΤΣΑ, 4. — Ἡ παραγωγὴ τοῦ βάμβακος εἰς τὴν περιφέρειαν θὰ εἶναι κατὰ τὸ τρέχον ἔτος μειωμένη λόγῳ τῆς ἀνομβρίας.

ΓΙΑΝΝΙΤΣΑ, 4. — Ἡ παραγωγὴ τοῦ βάμβακος εἰς τὴν περιφέρειαν θὰ εἶναι κατὰ τὸ τρέχον ἔτος μειωμένη λόγῳ τῆς ἀνομβρίας.

ΓΙΑΝΝΙΤΣΑ, 4. — Ἡ παραγωγὴ τοῦ βάμβακος εἰς τὴν περιφέρειαν θὰ εἶναι κατὰ τὸ τρέχον ἔτος μειωμένη λόγῳ τῆς ἀνομβρίας.

ΓΙΑΝΝΙΤΣΑ, 4. — Ἡ παραγωγὴ τοῦ βάμβακος εἰς τὴν περιφέρειαν θὰ εἶναι κατὰ τὸ τρέχον ἔτος μειωμένη λόγῳ τῆς ἀνομβρίας.

ΓΙΑΝΝΙΤΣΑ, 4. — Ἡ παραγωγὴ τοῦ βάμβακος εἰς τὴν περιφέρειαν θὰ εἶναι κατὰ τὸ τρέχον ἔτος μειωμένη λόγῳ τῆς ἀνομβρίας.

ΓΙΑΝΝΙΤΣΑ, 4. — Ἡ παραγωγὴ τοῦ βάμβακος εἰς τὴν περιφέρειαν θὰ εἶναι κατὰ τὸ τρέχον ἔτος μειωμένη λόγῳ τῆς ἀνομβρίας.

ΣΥΝΕΡΓΑΣΙΑ ΤΩΝ ΣΥΛΛΟΓΩΝ ΔΙΚΗΓΟΡΙΚΟΥ ΚΑΙ ΙΑΤΡΙΚΟΥ ΕΠΙ ΖΗΤΗΜΑΤΩΝ ΕΠΙΣΤΗΜΟΝΙΚΩΝ ΚΑΙ ΕΠΑΓΓΕΛΜΑΤΙΚΩΝ

Ὁ Δικηγορικὸς Σύλλογος Θεσσαλονίκης καὶ ὁ Ἰατρικὸς Σύλλογος ἀπεφάσισαν τὴν στενὴν συνεργασίαν των ἐπὶ ζητημάτων κοινοῦ ἐνδιαφέροντος.

Ὁ Δικηγορικὸς Σύλλογος Θεσσαλονίκης καὶ ὁ Ἰατρικὸς Σύλλογος ἀπεφάσισαν τὴν στενὴν συνεργασίαν των ἐπὶ ζητημάτων κοινοῦ ἐνδιαφέροντος.

Ὁ Δικηγορικὸς Σύλλογος Θεσσαλονίκης καὶ ὁ Ἰατρικὸς Σύλλογος ἀπεφάσισαν τὴν στενὴν συνεργασίαν των ἐπὶ ζητημάτων κοινοῦ ἐνδιαφέροντος.

Ὁ Δικηγορικὸς Σύλλογος Θεσσαλονίκης καὶ ὁ Ἰατρικὸς Σύλλογος ἀπεφάσισαν τὴν στενὴν συνεργασίαν των ἐπὶ ζητημάτων κοινοῦ ἐνδιαφέροντος.

Ὁ Δικηγορικὸς Σύλλογος Θεσσαλονίκης καὶ ὁ Ἰατρικὸς Σύλλογος ἀπεφάσισαν τὴν στενὴν συνεργασίαν των ἐπὶ ζητημάτων κοινοῦ ἐνδιαφέροντος.

Ὁ Δικηγορικὸς Σύλλογος Θεσσαλονίκης καὶ ὁ Ἰατρικὸς Σύλλογος ἀπεφάσισαν τὴν στενὴν συνεργασίαν των ἐπὶ ζητημάτων κοινοῦ ἐνδιαφέροντος.

Ὁ Δικηγορικὸς Σύλλογος Θεσσαλονίκης καὶ ὁ Ἰατρικὸς Σύλλογος ἀπεφάσισαν τὴν στενὴν συνεργασίαν των ἐπὶ ζητημάτων κοινοῦ ἐνδιαφέροντος.

Ὁ Δικηγορικὸς Σύλλογος Θεσσαλονίκης καὶ ὁ Ἰατρικὸς Σύλλογος ἀπεφάσισαν τὴν στενὴν συνεργασίαν των ἐπὶ ζητημάτων κοινοῦ ἐνδιαφέροντος.
